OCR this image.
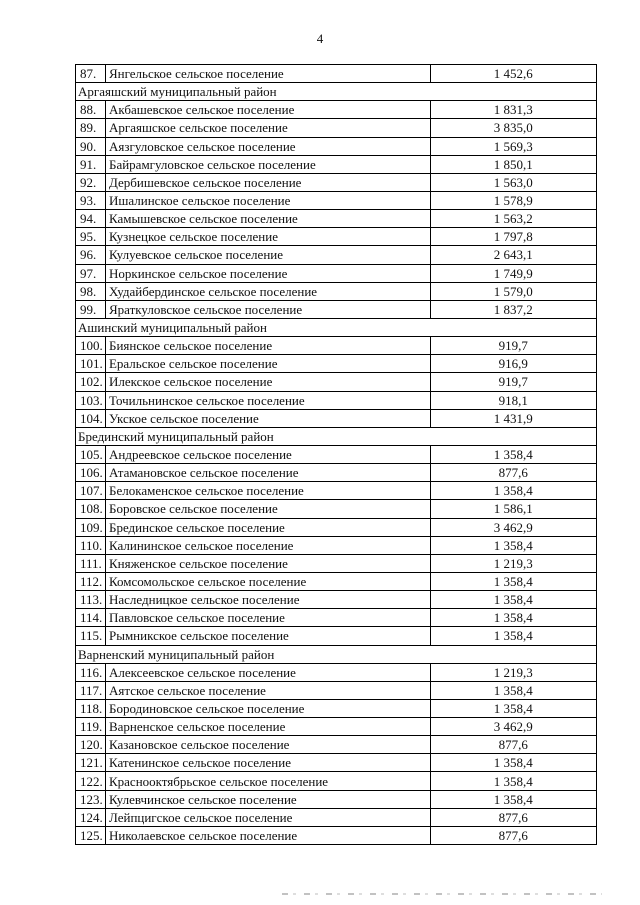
4
87.	Янгельское сельское поселение	1 452,6
Аргаяшский муниципальный район		
88.	Акбашевское сельское поселение	1 831,3
89.	Аргаяшское сельское поселение	3 835,0
90.	Аязгуловское сельское поселение	1 569,3
91.	Байрамгуловское сельское поселение	1 850,1
92.	Дербишевское сельское поселение	1 563,0
93.	Ишалинское сельское поселение	1 578,9
94.	Камышевское сельское поселение	1 563,2
95.	Кузнецкое сельское поселение	1 797,8
96.	Кулуевское сельское поселение	2 643,1
97.	Норкинское сельское поселение	1 749,9
98.	Худайбердинское сельское поселение	1 579,0
99.	Яраткуловское сельское поселение	1 837,2
Ашинский муниципальный район		
100.	Биянское сельское поселение	919,7
101.	Еральское сельское поселение	916,9
102.	Илекское сельское поселение	919,7
103.	Точильнинское сельское поселение	918,1
104.	Укское сельское поселение	1 431,9
Брединский муниципальный район		
105.	Андреевское сельское поселение	1 358,4
106.	Атамановское сельское поселение	877,6
107.	Белокаменское сельское поселение	1 358,4
108.	Боровское сельское поселение	1 586,1
109.	Брединское сельское поселение	3 462,9
110.	Калининское сельское поселение	1 358,4
111.	Княженское сельское поселение	1 219,3
112.	Комсомольское сельское поселение	1 358,4
113.	Наследницкое сельское поселение	1 358,4
114.	Павловское сельское поселение	1 358,4
115.	Рымникское сельское поселение	1 358,4
Варненский муниципальный район		
116.	Алексеевское сельское поселение	1 219,3
117.	Аятское сельское поселение	1 358,4
118.	Бородиновское сельское поселение	1 358,4
119.	Варненское сельское поселение	3 462,9
120.	Казановское сельское поселение	877,6
121.	Катенинское сельское поселение	1 358,4
122.	Краснооктябрьское сельское поселение	1 358,4
123.	Кулевчинское сельское поселение	1 358,4
124.	Лейпцигское сельское поселение	877,6
125.	Николаевское сельское поселение	877,6
